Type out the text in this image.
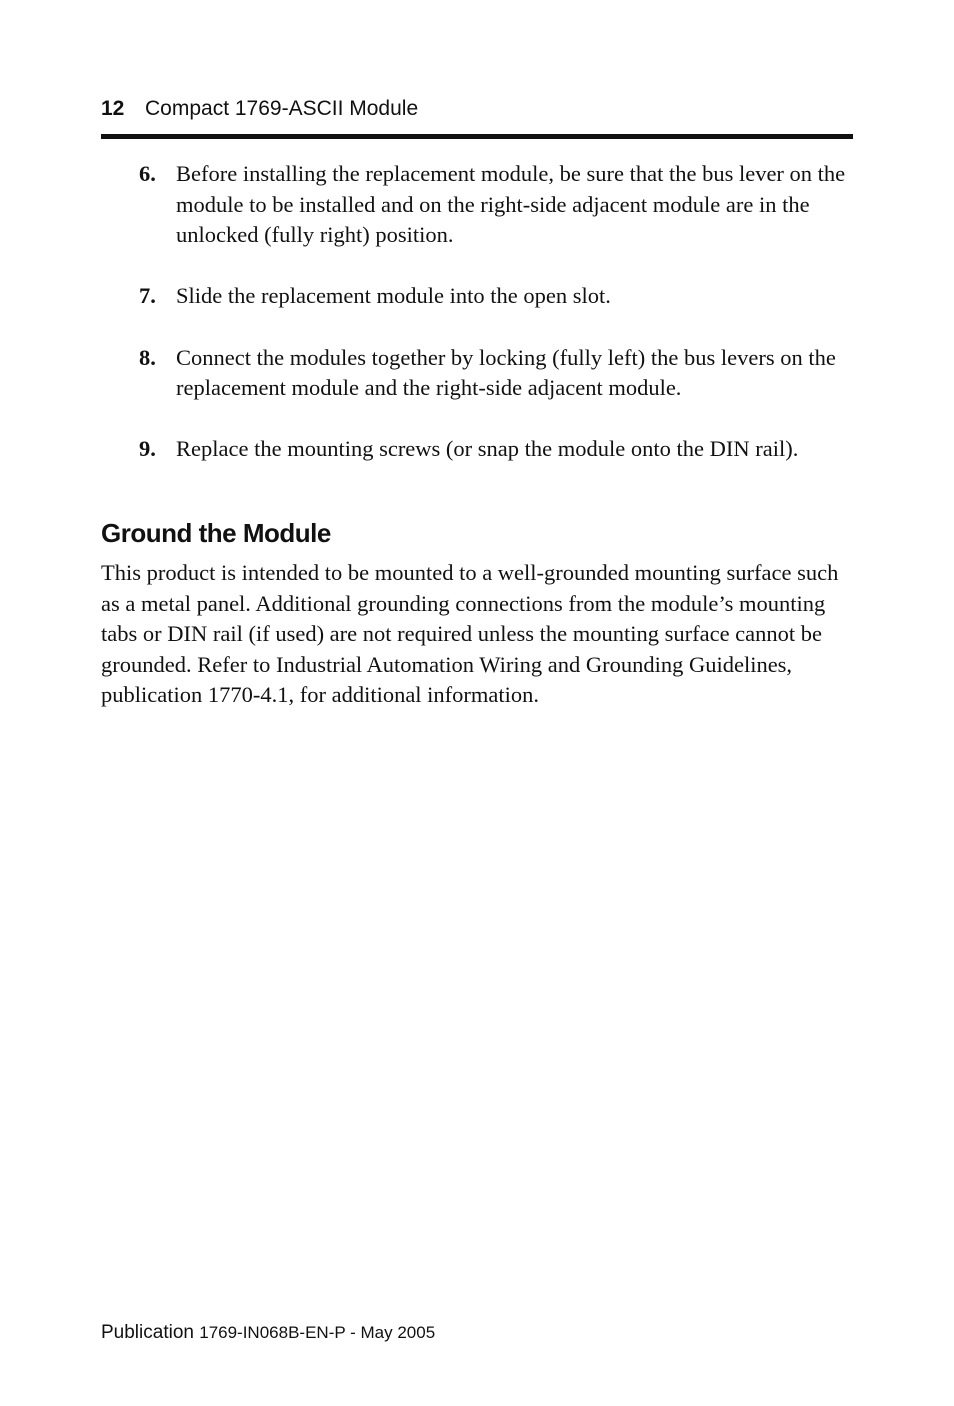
12 Compact 1769-ASCII Module
6. Before installing the replacement module, be sure that the bus lever on the module to be installed and on the right-side adjacent module are in the unlocked (fully right) position.
7. Slide the replacement module into the open slot.
8. Connect the modules together by locking (fully left) the bus levers on the replacement module and the right-side adjacent module.
9. Replace the mounting screws (or snap the module onto the DIN rail).
Ground the Module

This product is intended to be mounted to a well-grounded mounting surface such as a metal panel. Additional grounding connections from the module’s mounting tabs or DIN rail (if used) are not required unless the mounting surface cannot be grounded. Refer to Industrial Automation Wiring and Grounding Guidelines, publication 1770-4.1, for additional information.

Publication 1769-IN068B-EN-P - May 2005
